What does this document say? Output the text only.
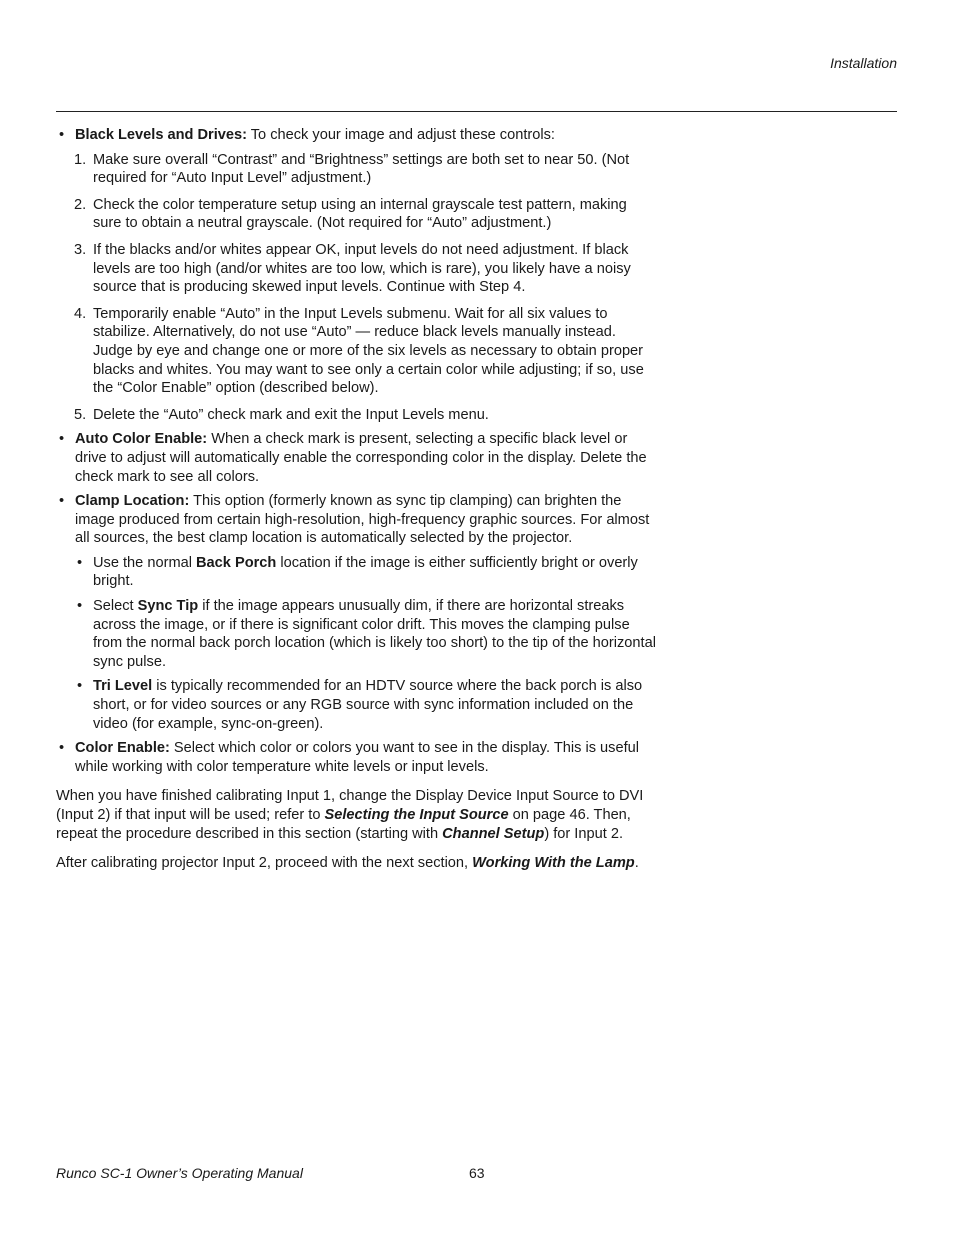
Installation
• Black Levels and Drives: To check your image and adjust these controls:
1. Make sure overall “Contrast” and “Brightness” settings are both set to near 50. (Not required for “Auto Input Level” adjustment.)
2. Check the color temperature setup using an internal grayscale test pattern, making sure to obtain a neutral grayscale. (Not required for “Auto” adjustment.)
3. If the blacks and/or whites appear OK, input levels do not need adjustment. If black levels are too high (and/or whites are too low, which is rare), you likely have a noisy source that is producing skewed input levels. Continue with Step 4.
4. Temporarily enable “Auto” in the Input Levels submenu. Wait for all six values to stabilize. Alternatively, do not use “Auto” — reduce black levels manually instead. Judge by eye and change one or more of the six levels as necessary to obtain proper blacks and whites. You may want to see only a certain color while adjusting; if so, use the “Color Enable” option (described below).
5. Delete the “Auto” check mark and exit the Input Levels menu.
• Auto Color Enable: When a check mark is present, selecting a specific black level or drive to adjust will automatically enable the corresponding color in the display. Delete the check mark to see all colors.
• Clamp Location: This option (formerly known as sync tip clamping) can brighten the image produced from certain high-resolution, high-frequency graphic sources. For almost all sources, the best clamp location is automatically selected by the projector.
• Use the normal Back Porch location if the image is either sufficiently bright or overly bright.
• Select Sync Tip if the image appears unusually dim, if there are horizontal streaks across the image, or if there is significant color drift. This moves the clamping pulse from the normal back porch location (which is likely too short) to the tip of the horizontal sync pulse.
• Tri Level is typically recommended for an HDTV source where the back porch is also short, or for video sources or any RGB source with sync information included on the video (for example, sync-on-green).
• Color Enable: Select which color or colors you want to see in the display. This is useful while working with color temperature white levels or input levels.

When you have finished calibrating Input 1, change the Display Device Input Source to DVI (Input 2) if that input will be used; refer to Selecting the Input Source on page 46. Then, repeat the procedure described in this section (starting with Channel Setup) for Input 2.

After calibrating projector Input 2, proceed with the next section, Working With the Lamp.

Runco SC-1 Owner’s Operating Manual	63
